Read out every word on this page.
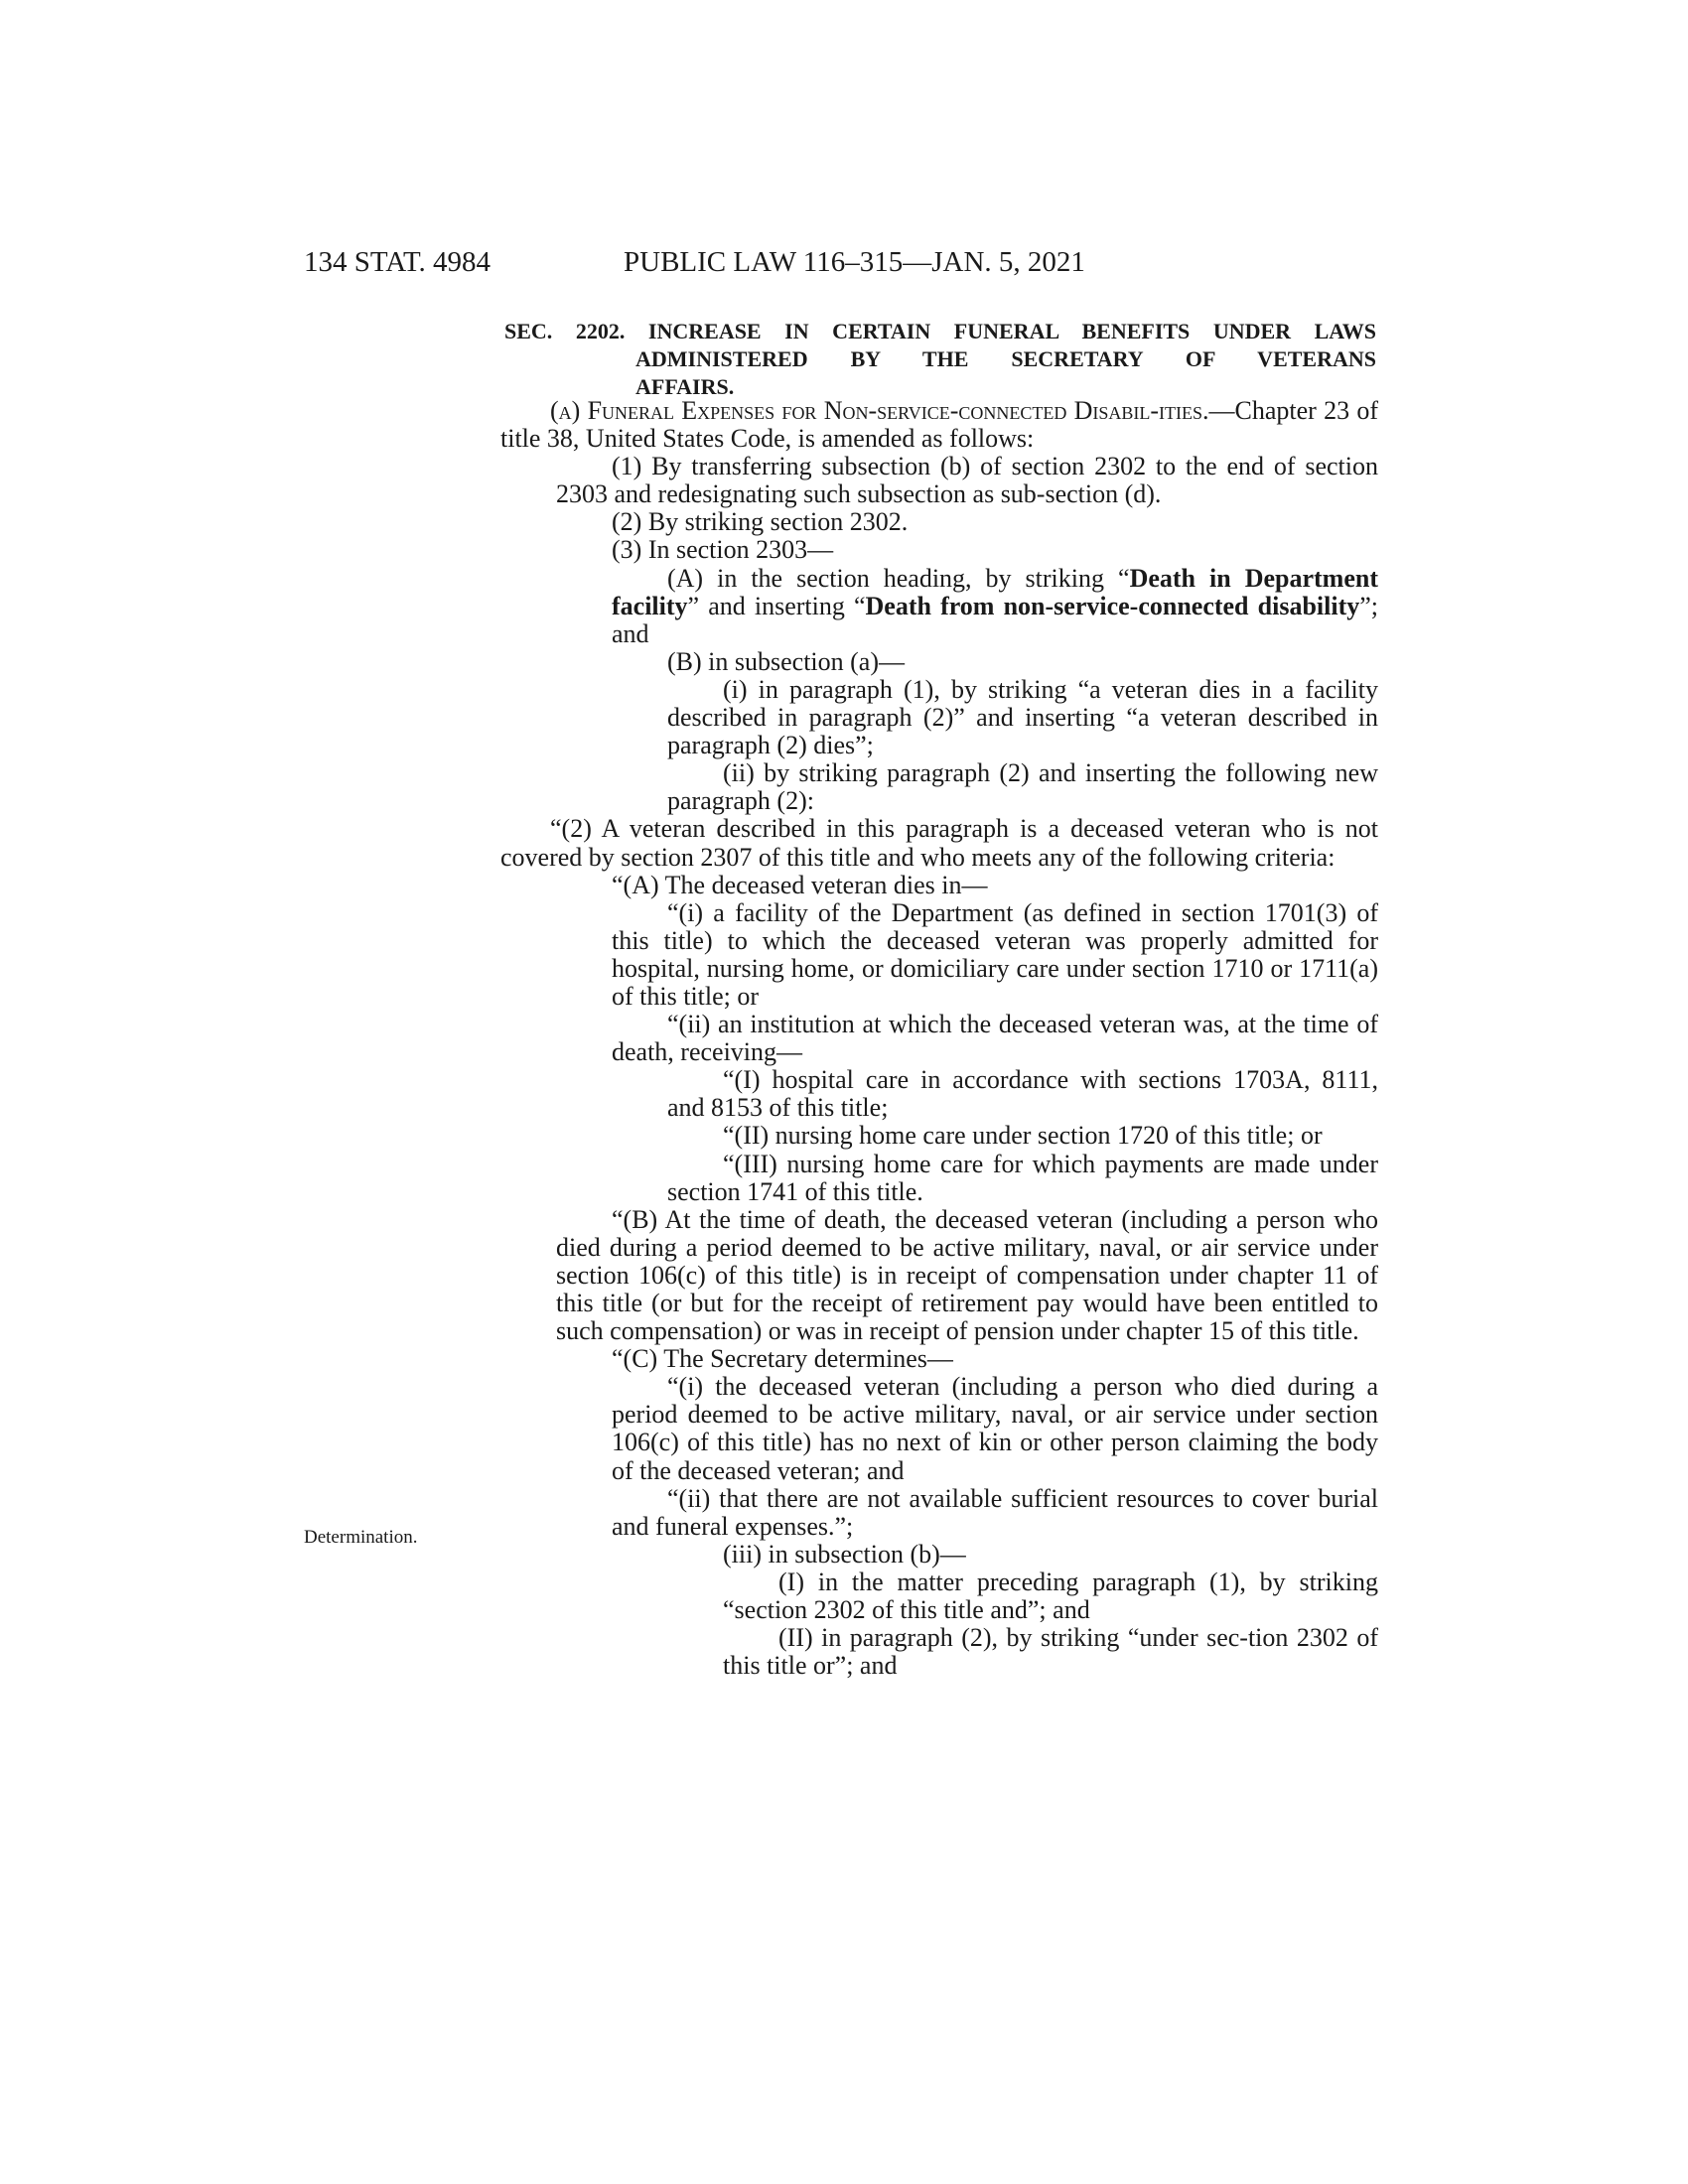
134 STAT. 4984	PUBLIC LAW 116–315—JAN. 5, 2021
SEC. 2202. INCREASE IN CERTAIN FUNERAL BENEFITS UNDER LAWS
ADMINISTERED BY THE SECRETARY OF VETERANS
AFFAIRS.
Determination.

(a) Funeral Expenses for Non-service-connected Disabil-ities.—Chapter 23 of title 38, United States Code, is amended as follows:

(1) By transferring subsection (b) of section 2302 to the end of section 2303 and redesignating such subsection as sub-section (d).

(2) By striking section 2302.

(3) In section 2303—

(A) in the section heading, by striking “Death in Department facility” and inserting “Death from non-service-connected disability”; and

(B) in subsection (a)—

(i) in paragraph (1), by striking “a veteran dies in a facility described in paragraph (2)” and inserting “a veteran described in paragraph (2) dies”;

(ii) by striking paragraph (2) and inserting the following new paragraph (2):

“(2) A veteran described in this paragraph is a deceased veteran who is not covered by section 2307 of this title and who meets any of the following criteria:

“(A) The deceased veteran dies in—

“(i) a facility of the Department (as defined in section 1701(3) of this title) to which the deceased veteran was properly admitted for hospital, nursing home, or domiciliary care under section 1710 or 1711(a) of this title; or

“(ii) an institution at which the deceased veteran was, at the time of death, receiving—

“(I) hospital care in accordance with sections 1703A, 8111, and 8153 of this title;

“(II) nursing home care under section 1720 of this title; or

“(III) nursing home care for which payments are made under section 1741 of this title.

“(B) At the time of death, the deceased veteran (including a person who died during a period deemed to be active military, naval, or air service under section 106(c) of this title) is in receipt of compensation under chapter 11 of this title (or but for the receipt of retirement pay would have been entitled to such compensation) or was in receipt of pension under chapter 15 of this title.

“(C) The Secretary determines—

“(i) the deceased veteran (including a person who died during a period deemed to be active military, naval, or air service under section 106(c) of this title) has no next of kin or other person claiming the body of the deceased veteran; and

“(ii) that there are not available sufficient resources to cover burial and funeral expenses.”;

(iii) in subsection (b)—

(I) in the matter preceding paragraph (1), by striking “section 2302 of this title and”; and

(II) in paragraph (2), by striking “under sec-tion 2302 of this title or”; and
